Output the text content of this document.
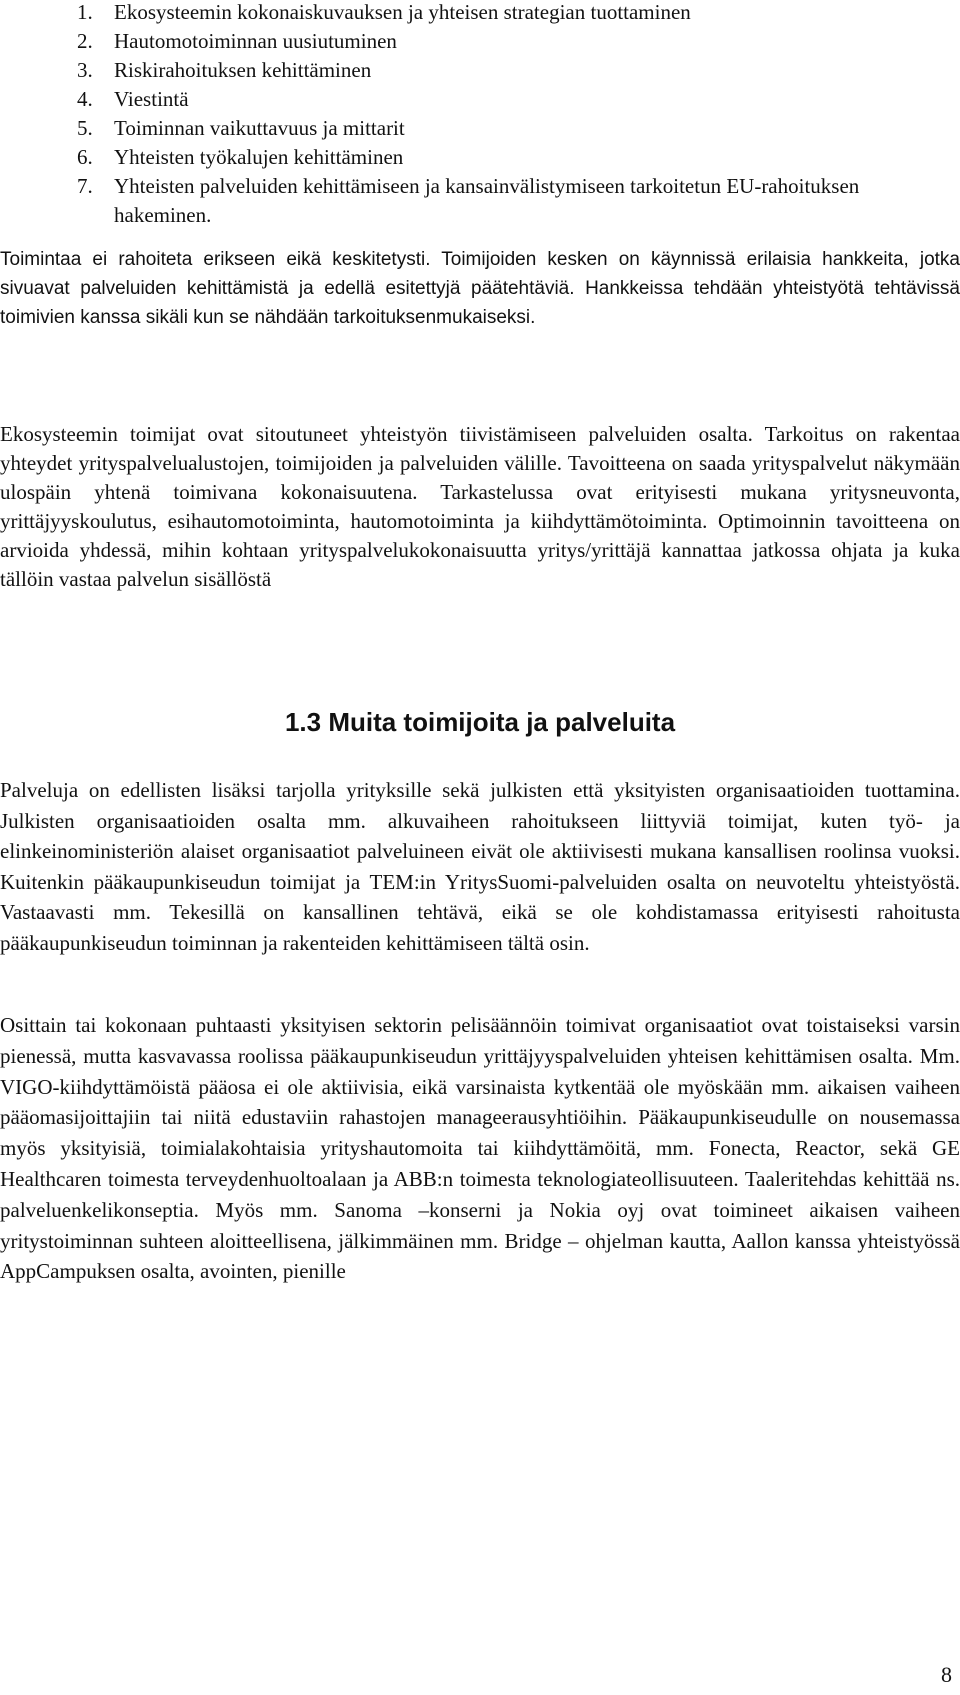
1. Ekosysteemin kokonaiskuvauksen ja yhteisen strategian tuottaminen
2. Hautomotoiminnan uusiutuminen
3. Riskirahoituksen kehittäminen
4. Viestintä
5. Toiminnan vaikuttavuus ja mittarit
6. Yhteisten työkalujen kehittäminen
7. Yhteisten palveluiden kehittämiseen ja kansainvälistymiseen tarkoitetun EU-rahoituksen hakeminen.

Toimintaa ei rahoiteta erikseen eikä keskitetysti. Toimijoiden kesken on käynnissä erilaisia hankkeita, jotka sivuavat palveluiden kehittämistä ja edellä esitettyjä päätehtäviä. Hankkeissa tehdään yhteistyötä tehtävissä toimivien kanssa sikäli kun se nähdään tarkoituksenmukaiseksi.

Ekosysteemin toimijat ovat sitoutuneet yhteistyön tiivistämiseen palveluiden osalta. Tarkoitus on rakentaa yhteydet yrityspalvelualustojen, toimijoiden ja palveluiden välille. Tavoitteena on saada yrityspalvelut näkymään ulospäin yhtenä toimivana kokonaisuutena. Tarkastelussa ovat erityisesti mukana yritysneuvonta, yrittäjyyskoulutus, esihautomotoiminta, hautomotoiminta ja kiihdyttämötoiminta. Optimoinnin tavoitteena on arvioida yhdessä, mihin kohtaan yrityspalvelukokonaisuutta yritys/yrittäjä kannattaa jatkossa ohjata ja kuka tällöin vastaa palvelun sisällöstä

1.3 Muita toimijoita ja palveluita

Palveluja on edellisten lisäksi tarjolla yrityksille sekä julkisten että yksityisten organisaatioiden tuottamina. Julkisten organisaatioiden osalta mm. alkuvaiheen rahoitukseen liittyviä toimijat, kuten työ- ja elinkeinoministeriön alaiset organisaatiot palveluineen eivät ole aktiivisesti mukana kansallisen roolinsa vuoksi. Kuitenkin pääkaupunkiseudun toimijat ja TEM:in YritysSuomi-palveluiden osalta on neuvoteltu yhteistyöstä. Vastaavasti mm. Tekesillä on kansallinen tehtävä, eikä se ole kohdistamassa erityisesti rahoitusta pääkaupunkiseudun toiminnan ja rakenteiden kehittämiseen tältä osin.

Osittain tai kokonaan puhtaasti yksityisen sektorin pelisäännöin toimivat organisaatiot ovat toistaiseksi varsin pienessä, mutta kasvavassa roolissa pääkaupunkiseudun yrittäjyyspalveluiden yhteisen kehittämisen osalta. Mm. VIGO-kiihdyttämöistä pääosa ei ole aktiivisia, eikä varsinaista kytkentää ole myöskään mm. aikaisen vaiheen pääomasijoittajiin tai niitä edustaviin rahastojen manageerausyhtiöihin. Pääkaupunkiseudulle on nousemassa myös yksityisiä, toimialakohtaisia yrityshautomoita tai kiihdyttämöitä, mm. Fonecta, Reactor, sekä GE Healthcaren toimesta terveydenhuoltoalaan ja ABB:n toimesta teknologiateollisuuteen. Taaleritehdas kehittää ns. palveluenkelikonseptia. Myös mm. Sanoma –konserni ja Nokia oyj ovat toimineet aikaisen vaiheen yritystoiminnan suhteen aloitteellisena, jälkimmäinen mm. Bridge – ohjelman kautta, Aallon kanssa yhteistyössä AppCampuksen osalta, avointen, pienille

8
